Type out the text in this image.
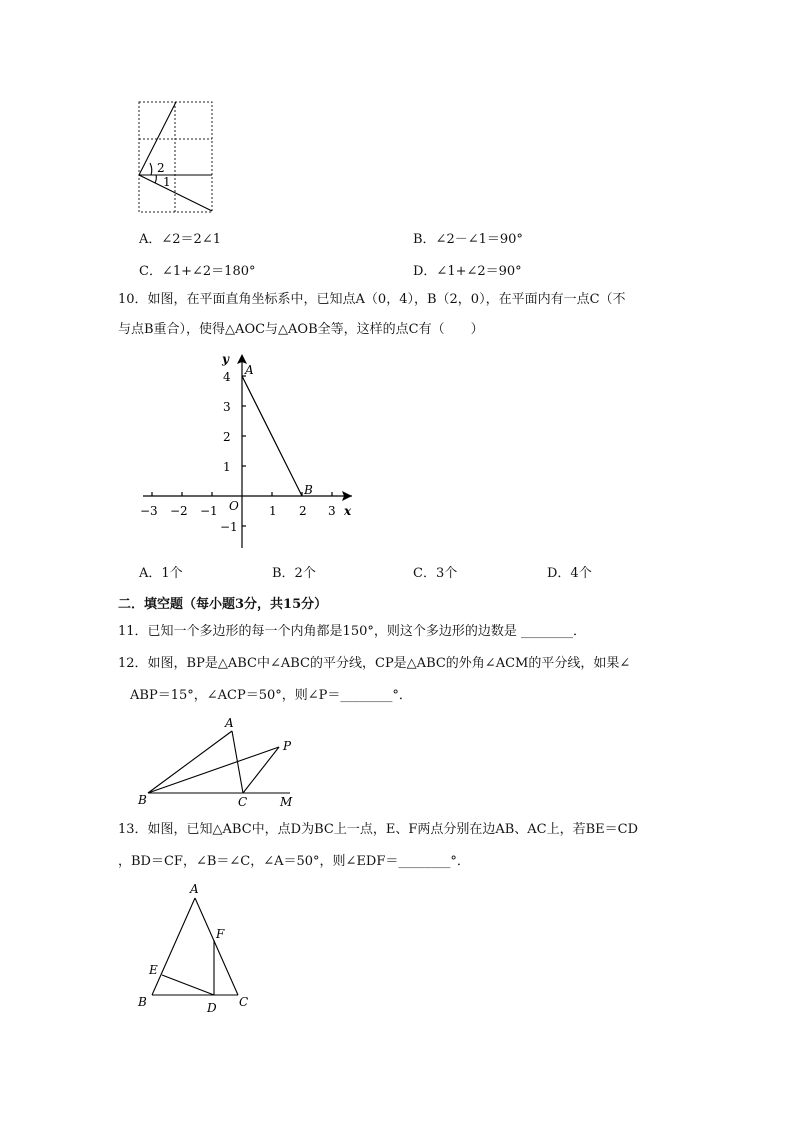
2
1
A．∠2＝2∠1	B．∠2－∠1＝90°
C．∠1+∠2＝180°	D．∠1+∠2＝90°
10．如图，在平面直角坐标系中，已知点A（0，4），B（2，0），在平面内有一点C（不
与点B重合），使得△AOC与△AOB全等，这样的点C有（　　）
y
x
O
A
B
4
3
2
1
−1
−3 −2 −1	1 2 3
A．1个	B．2个	C．3个	D．4个
二．填空题（每小题3分，共15分）
11．已知一个多边形的每一个内角都是150°，则这个多边形的边数是 ________．
12．如图，BP是△ABC中∠ABC的平分线，CP是△ABC的外角∠ACM的平分线，如果∠
ABP＝15°，∠ACP＝50°，则∠P＝________°．
A
B	C
P
M
13．如图，已知△ABC中，点D为BC上一点，E、F两点分别在边AB、AC上，若BE＝CD
，BD＝CF，∠B＝∠C，∠A＝50°，则∠EDF＝________°．
A
B	C
D
E
F
